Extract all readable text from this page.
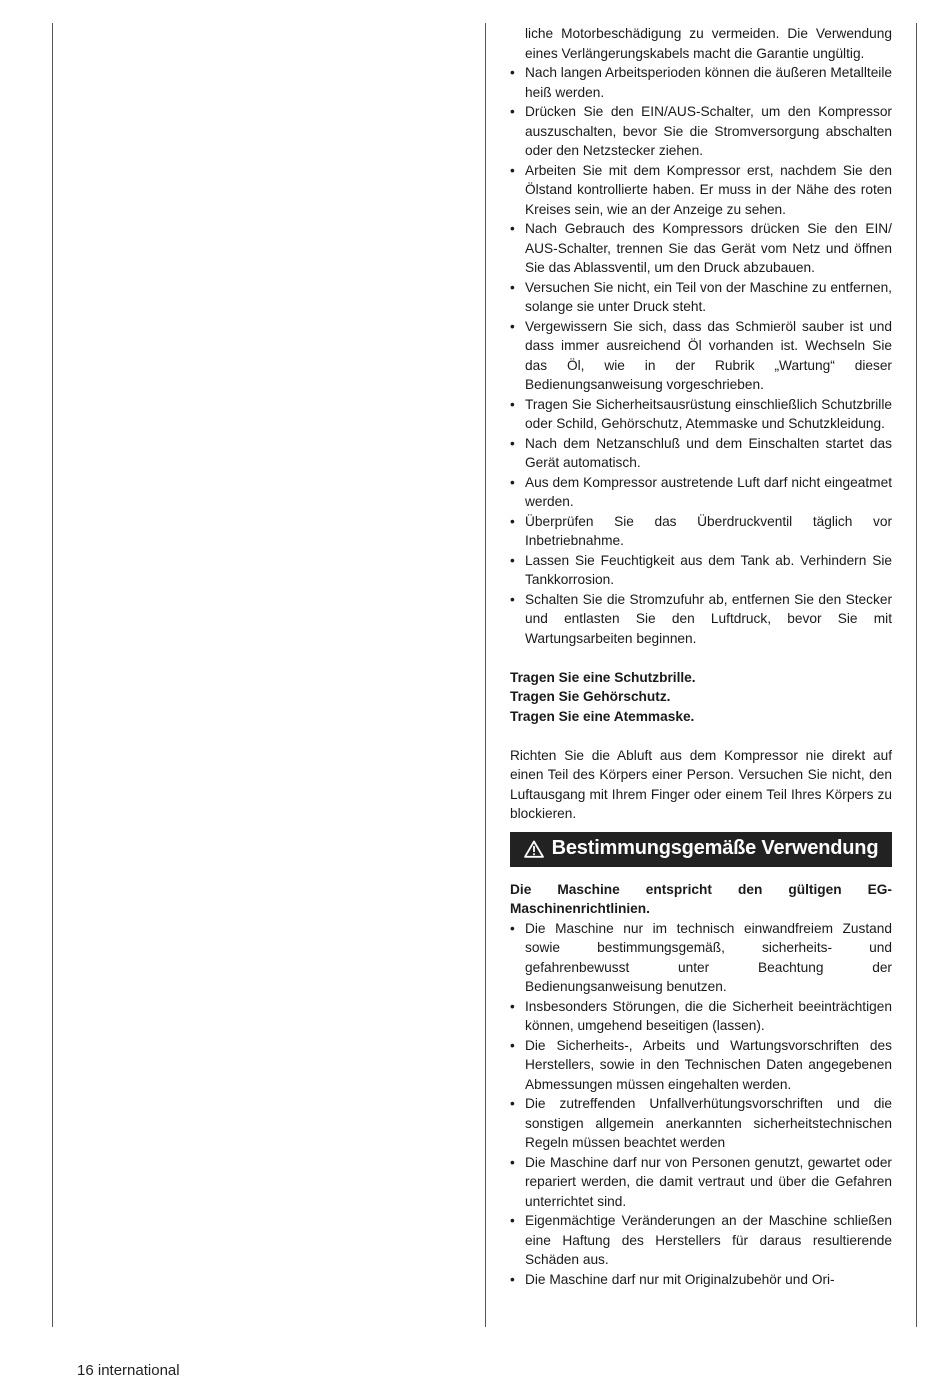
liche Motorbeschädigung zu vermeiden. Die Verwendung eines Verlängerungskabels macht die Garantie ungültig.

• Nach langen Arbeitsperioden können die äußeren Metallteile heiß werden.
• Drücken Sie den EIN/AUS-Schalter, um den Kompressor auszuschalten, bevor Sie die Stromversorgung abschalten oder den Netzstecker ziehen.
• Arbeiten Sie mit dem Kompressor erst, nachdem Sie den Ölstand kontrollierte haben. Er muss in der Nähe des roten Kreises sein, wie an der Anzeige zu sehen.
• Nach Gebrauch des Kompressors drücken Sie den EIN/ AUS-Schalter, trennen Sie das Gerät vom Netz und öffnen Sie das Ablassventil, um den Druck abzubauen.
• Versuchen Sie nicht, ein Teil von der Maschine zu entfernen, solange sie unter Druck steht.
• Vergewissern Sie sich, dass das Schmieröl sauber ist und dass immer ausreichend Öl vorhanden ist. Wechseln Sie das Öl, wie in der Rubrik „Wartung“ dieser Bedienungsanweisung vorgeschrieben.
• Tragen Sie Sicherheitsausrüstung einschließlich Schutzbrille oder Schild, Gehörschutz, Atemmaske und Schutzkleidung.
• Nach dem Netzanschluß und dem Einschalten startet das Gerät automatisch.
• Aus dem Kompressor austretende Luft darf nicht eingeatmet werden.
• Überprüfen Sie das Überdruckventil täglich vor Inbetriebnahme.
• Lassen Sie Feuchtigkeit aus dem Tank ab. Verhindern Sie Tankkorrosion.
• Schalten Sie die Stromzufuhr ab, entfernen Sie den Stecker und entlasten Sie den Luftdruck, bevor Sie mit Wartungsarbeiten beginnen.

Tragen Sie eine Schutzbrille.

Tragen Sie Gehörschutz.

Tragen Sie eine Atemmaske.

Richten Sie die Abluft aus dem Kompressor nie direkt auf einen Teil des Körpers einer Person. Versuchen Sie nicht, den Luftausgang mit Ihrem Finger oder einem Teil Ihres Körpers zu blockieren.

Bestimmungsgemäße Verwendung

Die Maschine entspricht den gültigen EG-Maschinenrichtlinien.

• Die Maschine nur im technisch einwandfreiem Zustand sowie bestimmungsgemäß, sicherheits- und gefahrenbewusst unter Beachtung der Bedienungsanweisung benutzen.
• Insbesonders Störungen, die die Sicherheit beeinträchtigen können, umgehend beseitigen (lassen).
• Die Sicherheits-, Arbeits und Wartungsvorschriften des Herstellers, sowie in den Technischen Daten angegebenen Abmessungen müssen eingehalten werden.
• Die zutreffenden Unfallverhütungsvorschriften und die sonstigen allgemein anerkannten sicherheitstechnischen Regeln müssen beachtet werden
• Die Maschine darf nur von Personen genutzt, gewartet oder repariert werden, die damit vertraut und über die Gefahren unterrichtet sind.
• Eigenmächtige Veränderungen an der Maschine schließen eine Haftung des Herstellers für daraus resultierende Schäden aus.
• Die Maschine darf nur mit Originalzubehör und Ori-
16 international
